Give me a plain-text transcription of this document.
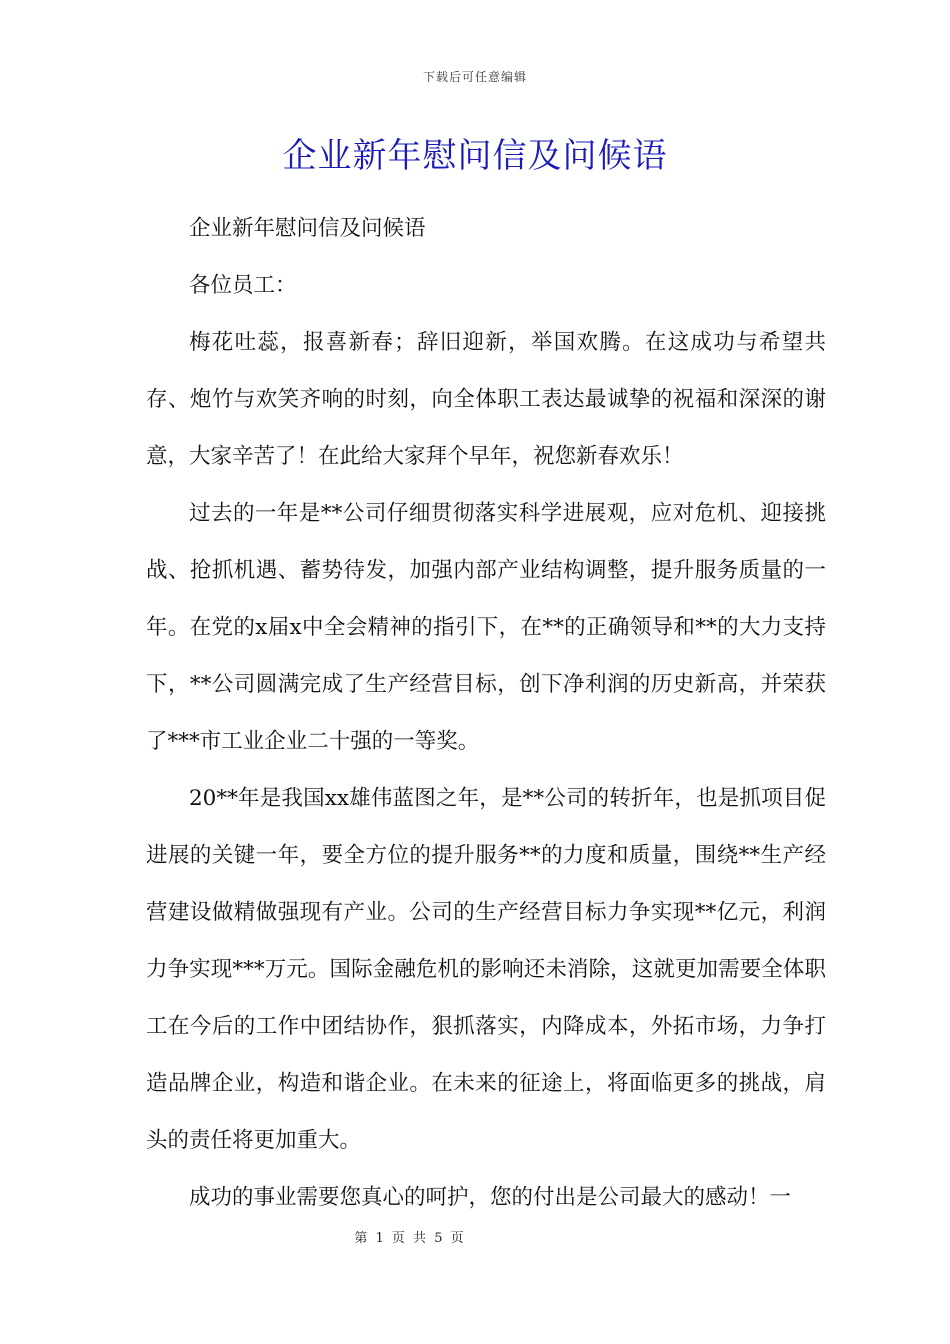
下载后可任意编辑
企业新年慰问信及问候语

企业新年慰问信及问候语

各位员工：

梅花吐蕊，报喜新春；辞旧迎新，举国欢腾。在这成功与希望共存、炮竹与欢笑齐响的时刻，向全体职工表达最诚挚的祝福和深深的谢意，大家辛苦了！在此给大家拜个早年，祝您新春欢乐！

过去的一年是**公司仔细贯彻落实科学进展观，应对危机、迎接挑战、抢抓机遇、蓄势待发，加强内部产业结构调整，提升服务质量的一年。在党的x届x中全会精神的指引下，在**的正确领导和**的大力支持下，**公司圆满完成了生产经营目标，创下净利润的历史新高，并荣获了***市工业企业二十强的一等奖。

20**年是我国xx雄伟蓝图之年，是**公司的转折年，也是抓项目促进展的关键一年，要全方位的提升服务**的力度和质量，围绕**生产经营建设做精做强现有产业。公司的生产经营目标力争实现**亿元，利润力争实现***万元。国际金融危机的影响还未消除，这就更加需要全体职工在今后的工作中团结协作，狠抓落实，内降成本，外拓市场，力争打造品牌企业，构造和谐企业。在未来的征途上，将面临更多的挑战，肩头的责任将更加重大。

成功的事业需要您真心的呵护，您的付出是公司最大的感动！一

第 1 页 共 5 页
